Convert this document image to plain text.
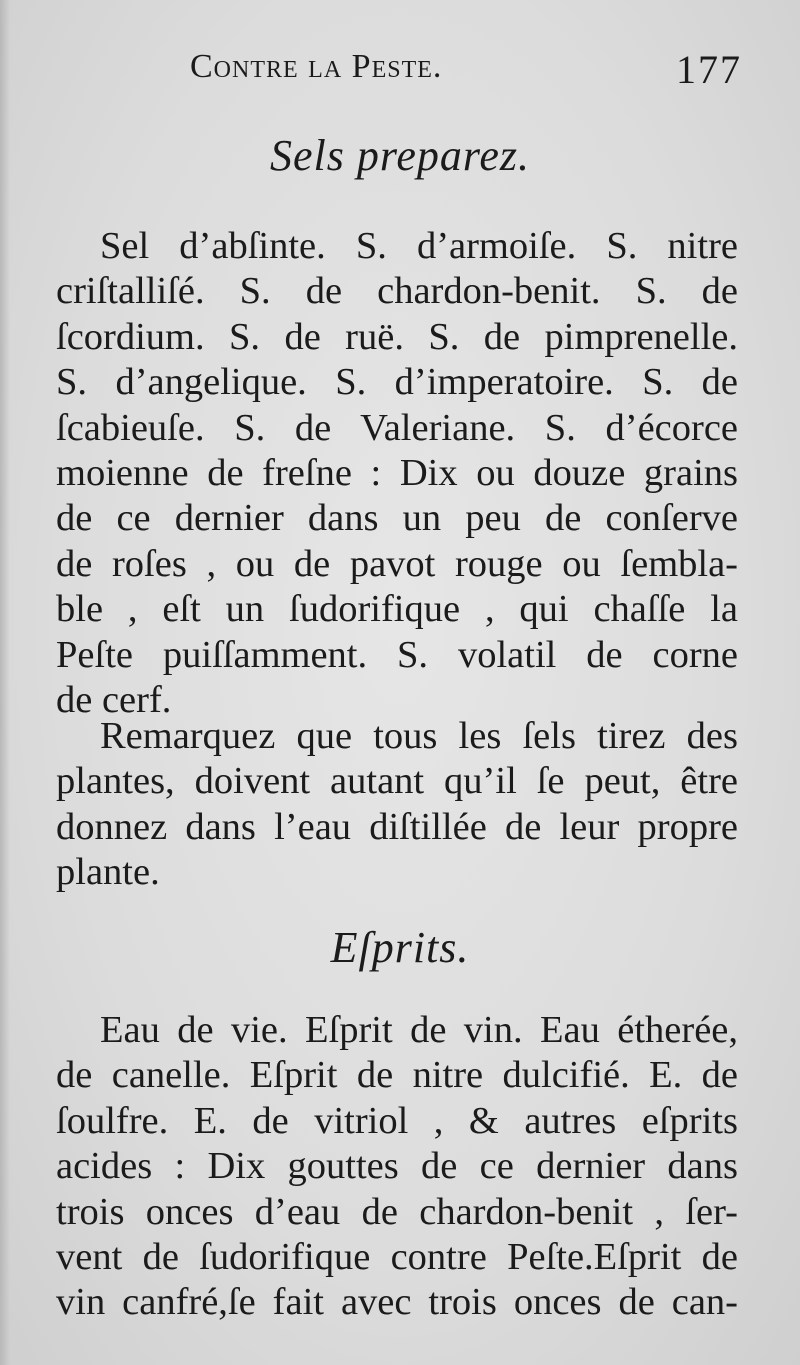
Contre la Peste.	177
Sels preparez.
Sel d’abſinte. S. d’armoiſe. S. nitre
criſtalliſé. S. de chardon-benit. S. de
ſcordium. S. de ruë. S. de pimprenelle.
S. d’angelique. S. d’imperatoire. S. de
ſcabieuſe. S. de Valeriane. S. d’écorce
moienne de freſne : Dix ou douze grains
de ce dernier dans un peu de conſerve
de roſes , ou de pavot rouge ou ſembla-
ble , eſt un ſudorifique , qui chaſſe la
Peſte puiſſamment. S. volatil de corne
de cerf.
Remarquez que tous les ſels tirez des
plantes, doivent autant qu’il ſe peut, être
donnez dans l’eau diſtillée de leur propre
plante.
Eſprits.
Eau de vie. Eſprit de vin. Eau étherée,
de canelle. Eſprit de nitre dulcifié. E. de
ſoulfre. E. de vitriol , & autres eſprits
acides : Dix gouttes de ce dernier dans
trois onces d’eau de chardon-benit , ſer-
vent de ſudorifique contre Peſte.Eſprit de
vin canfré,ſe fait avec trois onces de can-
